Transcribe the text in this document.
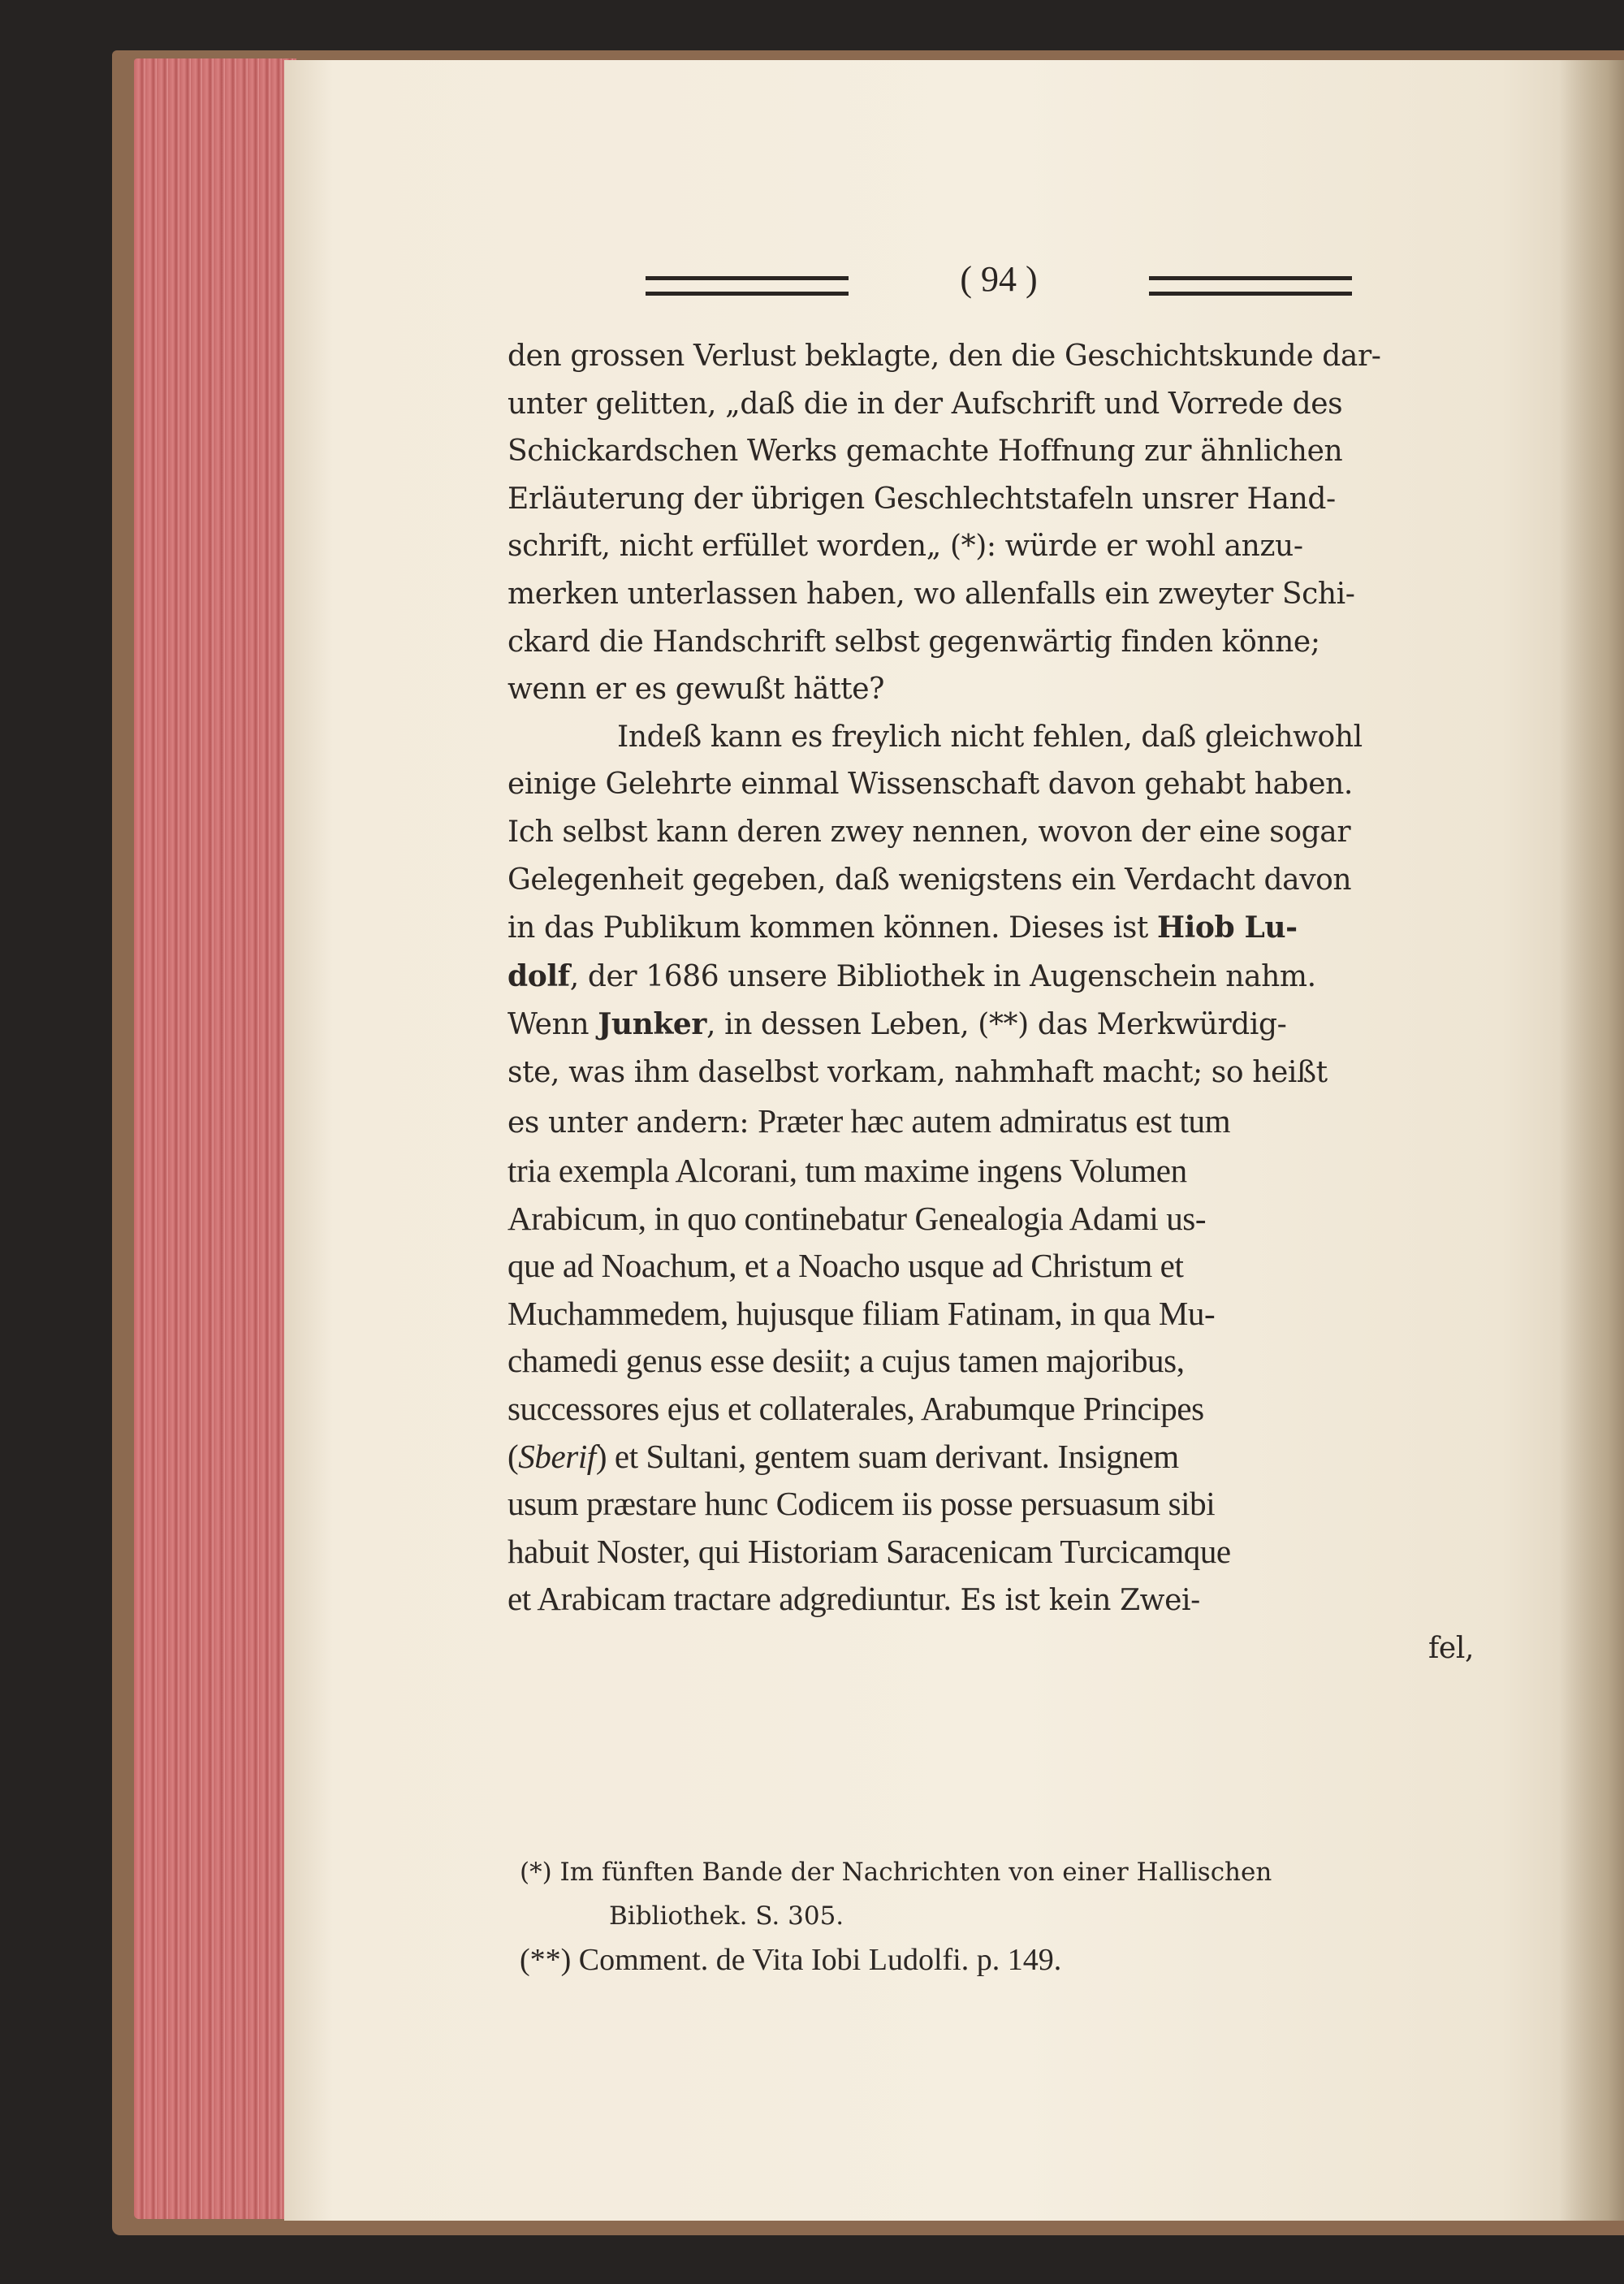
( 94 )
den grossen Verlust beklagte, den die Geschichtskunde dar-
unter gelitten, „daß die in der Aufschrift und Vorrede des
Schickardschen Werks gemachte Hoffnung zur ähnlichen
Erläuterung der übrigen Geschlechtstafeln unsrer Hand-
schrift, nicht erfüllet worden„ (*): würde er wohl anzu-
merken unterlassen haben, wo allenfalls ein zweyter Schi-
ckard die Handschrift selbst gegenwärtig finden könne;
wenn er es gewußt hätte?
Indeß kann es freylich nicht fehlen, daß gleichwohl
einige Gelehrte einmal Wissenschaft davon gehabt haben.
Ich selbst kann deren zwey nennen, wovon der eine sogar
Gelegenheit gegeben, daß wenigstens ein Verdacht davon
in das Publikum kommen können. Dieses ist Hiob Lu-
dolf, der 1686 unsere Bibliothek in Augenschein nahm.
Wenn Junker, in dessen Leben, (**) das Merkwürdig-
ste, was ihm daselbst vorkam, nahmhaft macht; so heißt
es unter andern: Præter hæc autem admiratus est tum
tria exempla Alcorani, tum maxime ingens Volumen
Arabicum, in quo continebatur Genealogia Adami us-
que ad Noachum, et a Noacho usque ad Christum et
Muchammedem, hujusque filiam Fatinam, in qua Mu-
chamedi genus esse desiit; a cujus tamen majoribus,
successores ejus et collaterales, Arabumque Principes
(Sberif) et Sultani, gentem suam derivant. Insignem
usum præstare hunc Codicem iis posse persuasum sibi
habuit Noster, qui Historiam Saracenicam Turcicamque
et Arabicam tractare adgrediuntur. Es ist kein Zwei-
fel,
(*) Im fünften Bande der Nachrichten von einer Hallischen
Bibliothek. S. 305.
(**) Comment. de Vita Iobi Ludolfi. p. 149.
